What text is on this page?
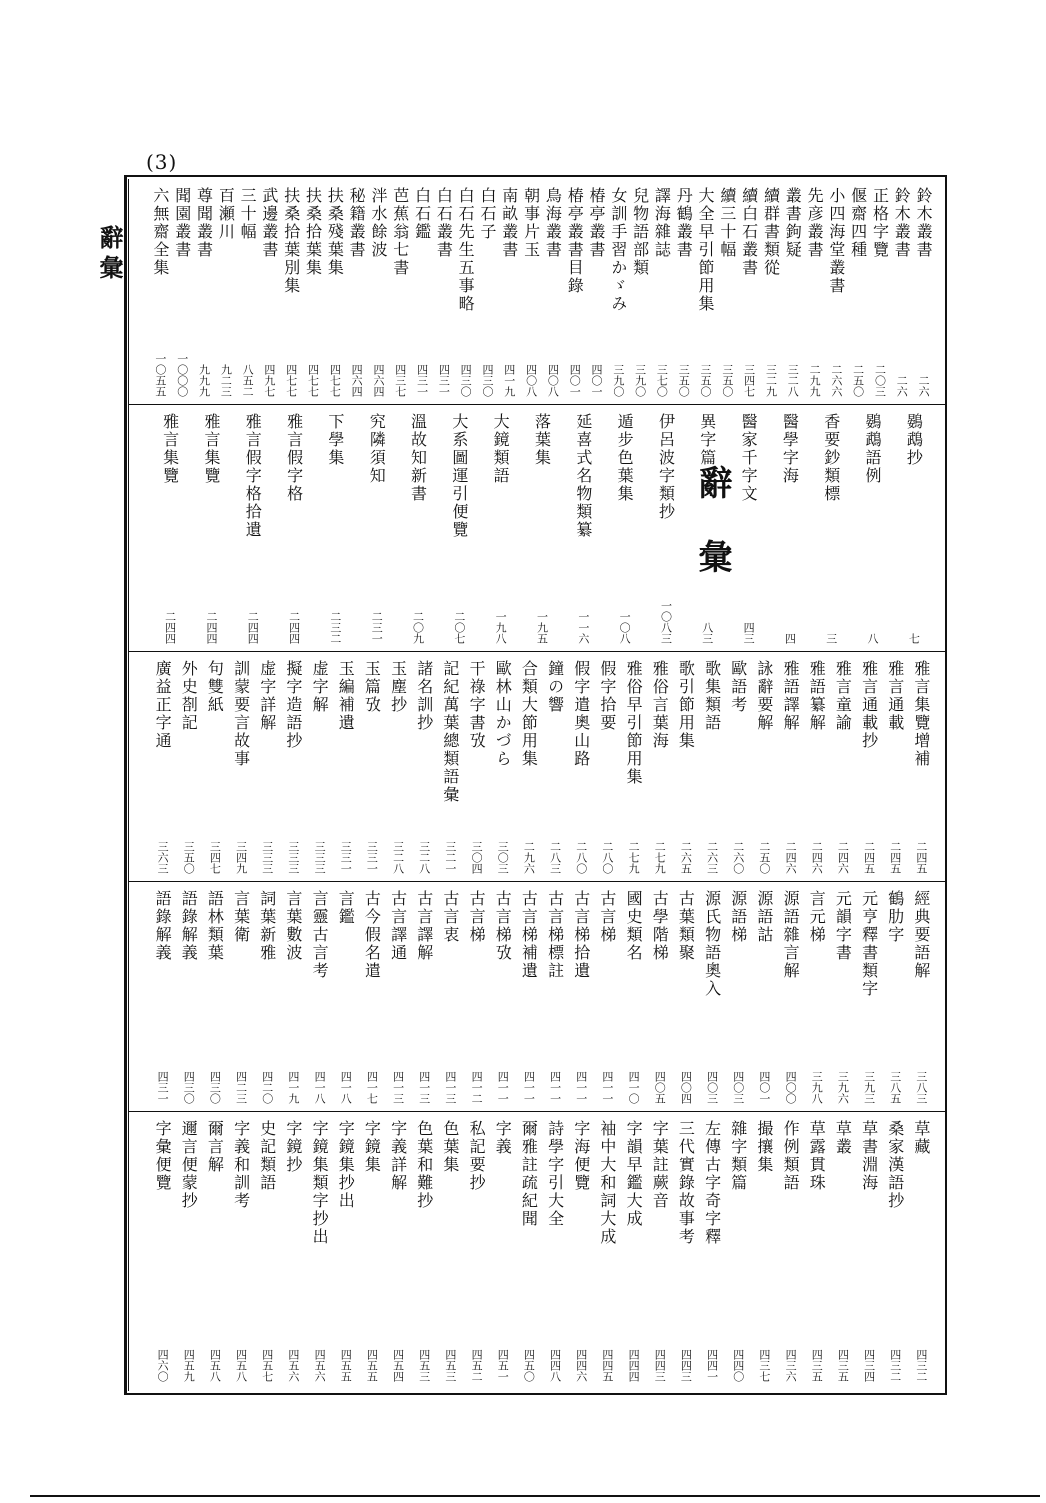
(3)
辭彙	鈴木叢書
二六
鈴木叢書
二六
正格字覽
二〇三
偃齋四種
二五〇
小四海堂叢書
二六六
先彦叢書
二九九
叢書鉤疑
三二八
續群書類從
三二九
續白石叢書
三四七
續三十幅
三五〇
大全早引節用集
三五〇
丹鶴叢書
三五〇
譯海雜誌
三七〇
兒物語部類
三九〇
女訓手習かゞみ
三九〇
椿亭叢書
四〇一
椿亭叢書目錄
四〇一
鳥海叢書
四〇八
朝事片玉
四〇八
南畝叢書
四一九
白石子
四三〇
白石先生五事略
四三〇
白石叢書
四三一
白石鑑
四三一
芭蕉翁七書
四三七
泮水餘波
四六四
秘籍叢書
四六四
扶桑殘葉集
四七七
扶桑拾葉集
四七七
扶桑拾葉別集
四七七
武邊叢書
四九七
三十幅
八五二
百瀬川
九二三
尊聞叢書
九九九
聞園叢書
一〇〇〇
六無齋全集
一〇五五
鷃鵡抄
七
鷃鵡語例
八
香要鈔類標
三
醫學字海
四
醫家千字文
四三
異字篇
八三
伊呂波字類抄
一〇八三
遁步色葉集
一〇八
延喜式名物類纂
一一六
落葉集
一九五
大鏡類語
一九八
大系圖運引便覽
二〇七
溫故知新書
二〇九
究隣須知
二三一
下學集
二三二
雅言假字格
二四四
雅言假字格拾遺
二四四
雅言集覽
二四四
雅言集覽
二四四
辭彙
雅言集覽增補
二四五
雅言通載
二四五
雅言通載抄
二四五
雅言童諭
二四六
雅語纂解
二四六
雅語譯解
二四六
詠辭要解
二五〇
歐語考
二六〇
歌集類語
二六三
歌引節用集
二六五
雅俗言葉海
二七九
雅俗早引節用集
二七九
假字拾要
二八〇
假字遣奧山路
二八〇
鐘の響
二八三
合類大節用集
二九六
歐林山かづら
三〇三
干祿字書攷
三〇四
記紀萬葉總類語彙
三二一
諸名訓抄
三二八
玉塵抄
三二八
玉篇攷
三三一
玉編補遺
三三一
虚字解
三三三
擬字造語抄
三三三
虚字詳解
三三三
訓蒙要言故事
三四九
句雙紙
三四七
外史剳記
三五〇
廣益正字通
三六三
經典要語解
三八三
鶴肋字
三八五
元亨釋書類字
三九三
元韻字書
三九六
言元梯
三九八
源語雜言解
四〇〇
源語詁
四〇一
源語梯
四〇三
源氏物語奧入
四〇三
古葉類聚
四〇四
古學階梯
四〇五
國史類名
四一〇
古言梯
四一一
古言梯拾遺
四一一
古言梯標註
四一一
古言梯補遺
四一一
古言梯攷
四一一
古言梯
四一二
古言衷
四一三
古言譯解
四一三
古言譯通
四一三
古今假名遣
四一七
言鑑
四一八
言靈古言考
四一八
言葉數波
四一九
詞葉新雅
四二〇
言葉衛
四二三
語林類葉
四三〇
語錄解義
四三〇
語錄解義
四三一
草藏
四三二
桑家漢語抄
四三二
草書淵海
四三四
草叢
四三五
草露貫珠
四三五
作例類語
四三六
撮攘集
四三七
雜字類篇
四四〇
左傳古字奇字釋
四四一
三代實錄故事考
四四三
字葉註蕨音
四四三
字韻早鑑大成
四四四
袖中大和詞大成
四四五
字海便覽
四四六
詩學字引大全
四四八
爾雅註疏紀聞
四五〇
字義
四五一
私記要抄
四五二
色葉集
四五三
色葉和難抄
四五三
字義詳解
四五四
字鏡集
四五五
字鏡集抄出
四五五
字鏡集類字抄出
四五六
字鏡抄
四五六
史記類語
四五七
字義和訓考
四五八
爾言解
四五八
邇言便蒙抄
四五九
字彙便覽
四六〇
